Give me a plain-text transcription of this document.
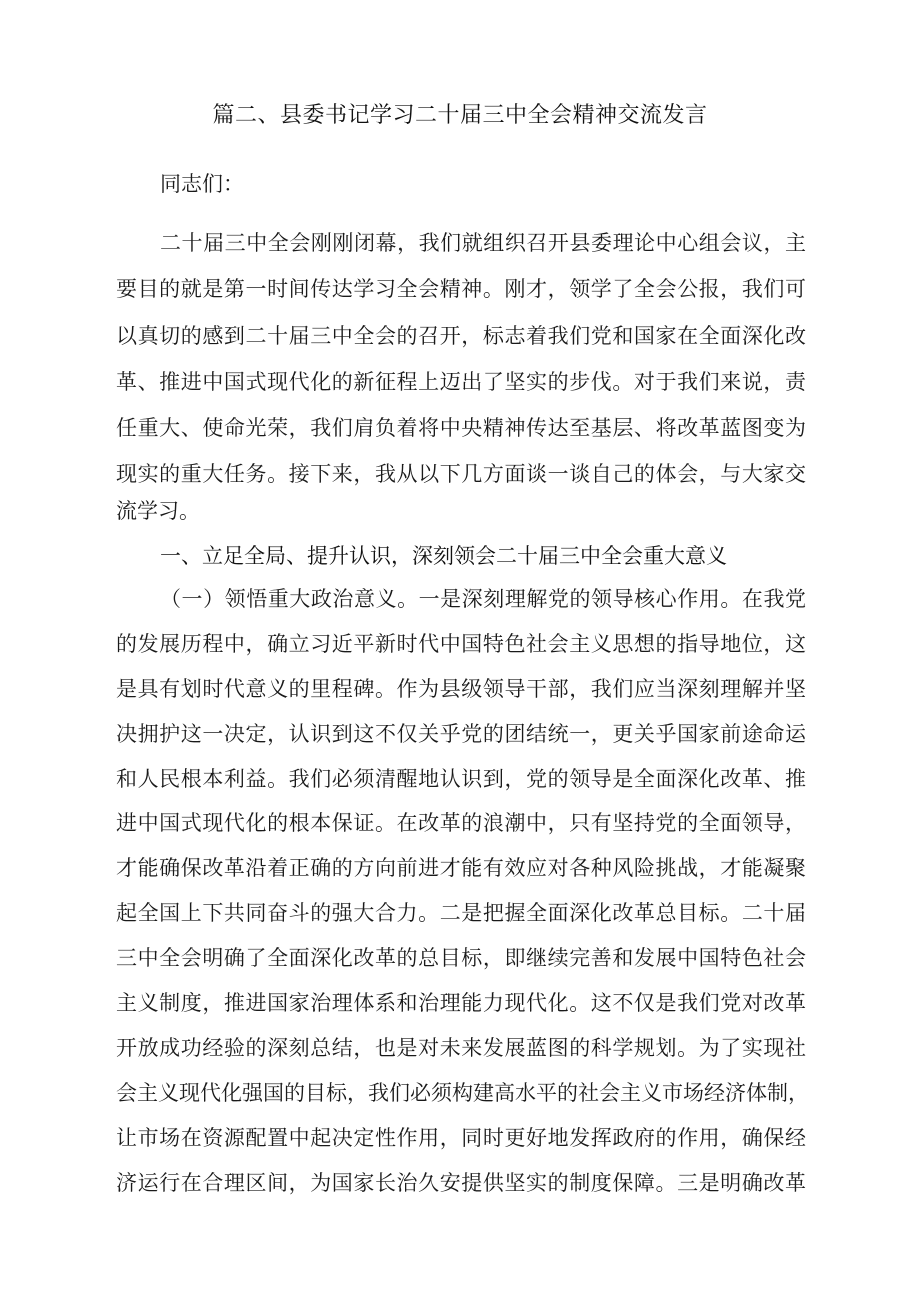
篇二、县委书记学习二十届三中全会精神交流发言
同志们：
二十届三中全会刚刚闭幕，我们就组织召开县委理论中心组会议，主
要目的就是第一时间传达学习全会精神。刚才，领学了全会公报，我们可
以真切的感到二十届三中全会的召开，标志着我们党和国家在全面深化改
革、推进中国式现代化的新征程上迈出了坚实的步伐。对于我们来说，责
任重大、使命光荣，我们肩负着将中央精神传达至基层、将改革蓝图变为
现实的重大任务。接下来，我从以下几方面谈一谈自己的体会，与大家交
流学习。
一、立足全局、提升认识，深刻领会二十届三中全会重大意义
（一）领悟重大政治意义。一是深刻理解党的领导核心作用。在我党
的发展历程中，确立习近平新时代中国特色社会主义思想的指导地位，这
是具有划时代意义的里程碑。作为县级领导干部，我们应当深刻理解并坚
决拥护这一决定，认识到这不仅关乎党的团结统一，更关乎国家前途命运
和人民根本利益。我们必须清醒地认识到，党的领导是全面深化改革、推
进中国式现代化的根本保证。在改革的浪潮中，只有坚持党的全面领导，
才能确保改革沿着正确的方向前进才能有效应对各种风险挑战，才能凝聚
起全国上下共同奋斗的强大合力。二是把握全面深化改革总目标。二十届
三中全会明确了全面深化改革的总目标，即继续完善和发展中国特色社会
主义制度，推进国家治理体系和治理能力现代化。这不仅是我们党对改革
开放成功经验的深刻总结，也是对未来发展蓝图的科学规划。为了实现社
会主义现代化强国的目标，我们必须构建高水平的社会主义市场经济体制，
让市场在资源配置中起决定性作用，同时更好地发挥政府的作用，确保经
济运行在合理区间，为国家长治久安提供坚实的制度保障。三是明确改革
